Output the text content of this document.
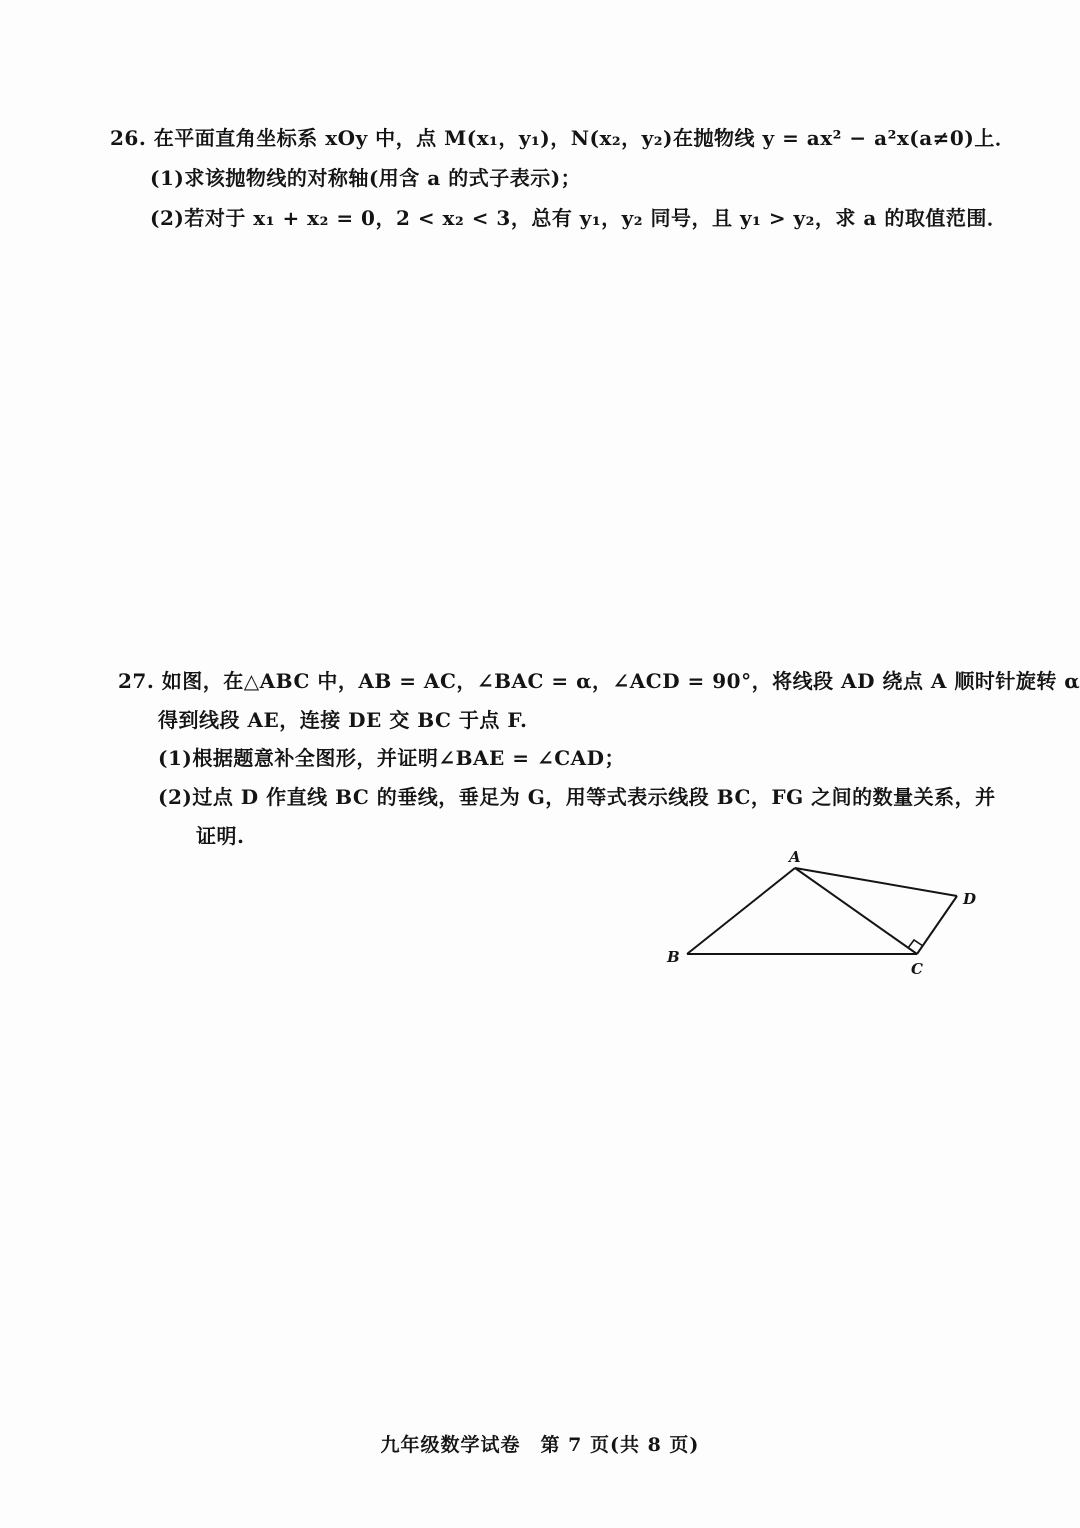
26. 在平面直角坐标系 xOy 中，点 M(x₁，y₁)，N(x₂，y₂)在抛物线 y = ax² − a²x(a≠0)上．
(1)求该抛物线的对称轴(用含 a 的式子表示)；
(2)若对于 x₁ + x₂ = 0，2 < x₂ < 3，总有 y₁，y₂ 同号，且 y₁ > y₂，求 a 的取值范围．
27. 如图，在△ABC 中，AB = AC，∠BAC = α，∠ACD = 90°，将线段 AD 绕点 A 顺时针旋转 α
得到线段 AE，连接 DE 交 BC 于点 F.
(1)根据题意补全图形，并证明∠BAE = ∠CAD；
(2)过点 D 作直线 BC 的垂线，垂足为 G，用等式表示线段 BC，FG 之间的数量关系，并
证明.
A
B
C
D
九年级数学试卷　第 7 页(共 8 页)
